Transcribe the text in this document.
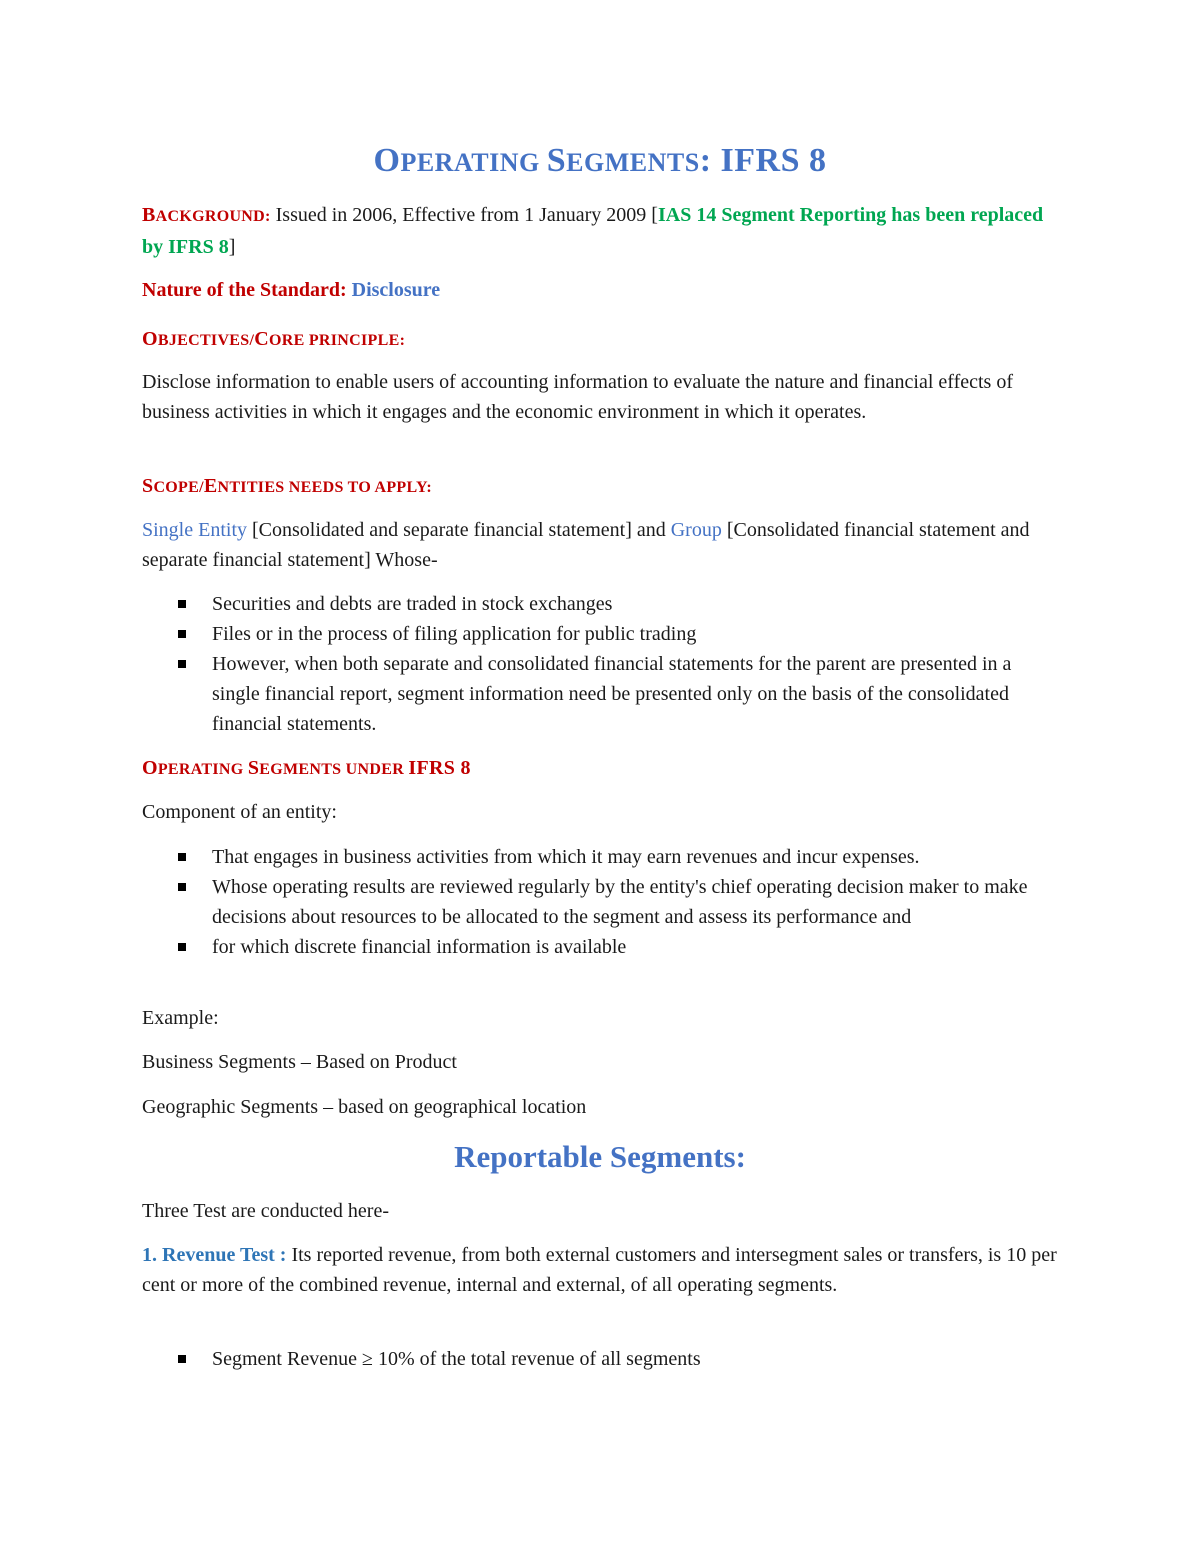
OPERATING SEGMENTS: IFRS 8
BACKGROUND: Issued in 2006, Effective from 1 January 2009 [IAS 14 Segment Reporting has been replaced by IFRS 8]
Nature of the Standard: Disclosure
OBJECTIVES/CORE PRINCIPLE:
Disclose information to enable users of accounting information to evaluate the nature and financial effects of business activities in which it engages and the economic environment in which it operates.
SCOPE/ENTITIES NEEDS TO APPLY:
Single Entity [Consolidated and separate financial statement] and Group [Consolidated financial statement and separate financial statement] Whose-
Securities and debts are traded in stock exchanges
Files or in the process of filing application for public trading
However, when both separate and consolidated financial statements for the parent are presented in a single financial report, segment information need be presented only on the basis of the consolidated financial statements.
OPERATING SEGMENTS UNDER IFRS 8
Component of an entity:
That engages in business activities from which it may earn revenues and incur expenses.
Whose operating results are reviewed regularly by the entity's chief operating decision maker to make decisions about resources to be allocated to the segment and assess its performance and
for which discrete financial information is available
Example:
Business Segments – Based on Product
Geographic Segments – based on geographical location
Reportable Segments:
Three Test are conducted here-
1. Revenue Test : Its reported revenue, from both external customers and intersegment sales or transfers, is 10 per cent or more of the combined revenue, internal and external, of all operating segments.
Segment Revenue ≥ 10% of the total revenue of all segments
